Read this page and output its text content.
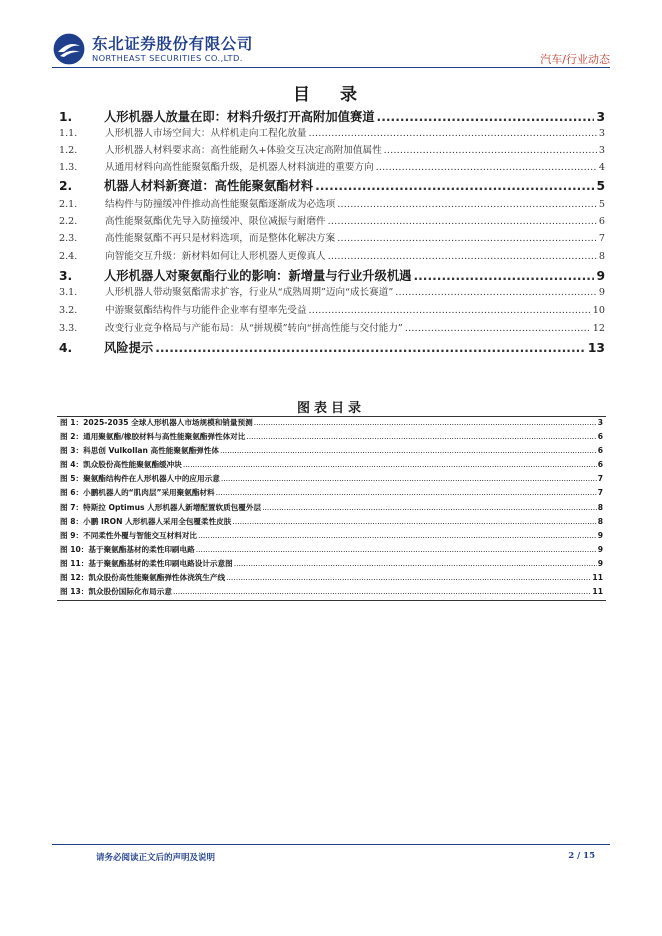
东北证券股份有限公司
NORTHEAST SECURITIES CO.,LTD.	汽车/行业动态
目 录
1.	人形机器人放量在即：材料升级打开高附加值赛道 .....	3
1.1.	人形机器人市场空间大：从样机走向工程化放量 .....	3
1.2.	人形机器人材料要求高：高性能耐久+体验交互决定高附加值属性 .....	3
1.3.	从通用材料向高性能聚氨酯升级，是机器人材料演进的重要方向 .....	4
2.	机器人材料新赛道：高性能聚氨酯材料 .....	5
2.1.	结构件与防撞缓冲件推动高性能聚氨酯逐渐成为必选项 .....	5
2.2.	高性能聚氨酯优先导入防撞缓冲、限位减振与耐磨件 .....	6
2.3.	高性能聚氨酯不再只是材料选项，而是整体化解决方案 .....	7
2.4.	向智能交互升级：新材料如何让人形机器人更像真人 .....	8
3.	人形机器人对聚氨酯行业的影响：新增量与行业升级机遇 .....	9
3.1.	人形机器人带动聚氨酯需求扩容，行业从“成熟周期”迈向“成长赛道” .....	9
3.2.	中游聚氨酯结构件与功能件企业率有望率先受益 .....	10
3.3.	改变行业竞争格局与产能布局：从“拼规模”转向“拼高性能与交付能力” .....	12
4.	风险提示 .....	13
图表目录
图 1：2025-2035 全球人形机器人市场规模和销量预测 .....	3
图 2：通用聚氨酯/橡胶材料与高性能聚氨酯弹性体对比 .....	6
图 3：科思创 Vulkollan 高性能聚氨酯弹性体 .....	6
图 4：凯众股份高性能聚氨酯缓冲块 .....	6
图 5：聚氨酯结构件在人形机器人中的应用示意 .....	7
图 6：小鹏机器人的“肌肉层”采用聚氨酯材料 .....	7
图 7：特斯拉 Optimus 人形机器人新增配置软质包覆外层 .....	8
图 8：小鹏 IRON 人形机器人采用全包覆柔性皮肤 .....	8
图 9：不同柔性外覆与智能交互材料对比 .....	9
图 10：基于聚氨酯基材的柔性印刷电路 .....	9
图 11：基于聚氨酯基材的柔性印刷电路设计示意图 .....	9
图 12：凯众股份高性能聚氨酯弹性体浇筑生产线 .....	11
图 13：凯众股份国际化布局示意 .....	11
请务必阅读正文后的声明及说明	2 / 15
